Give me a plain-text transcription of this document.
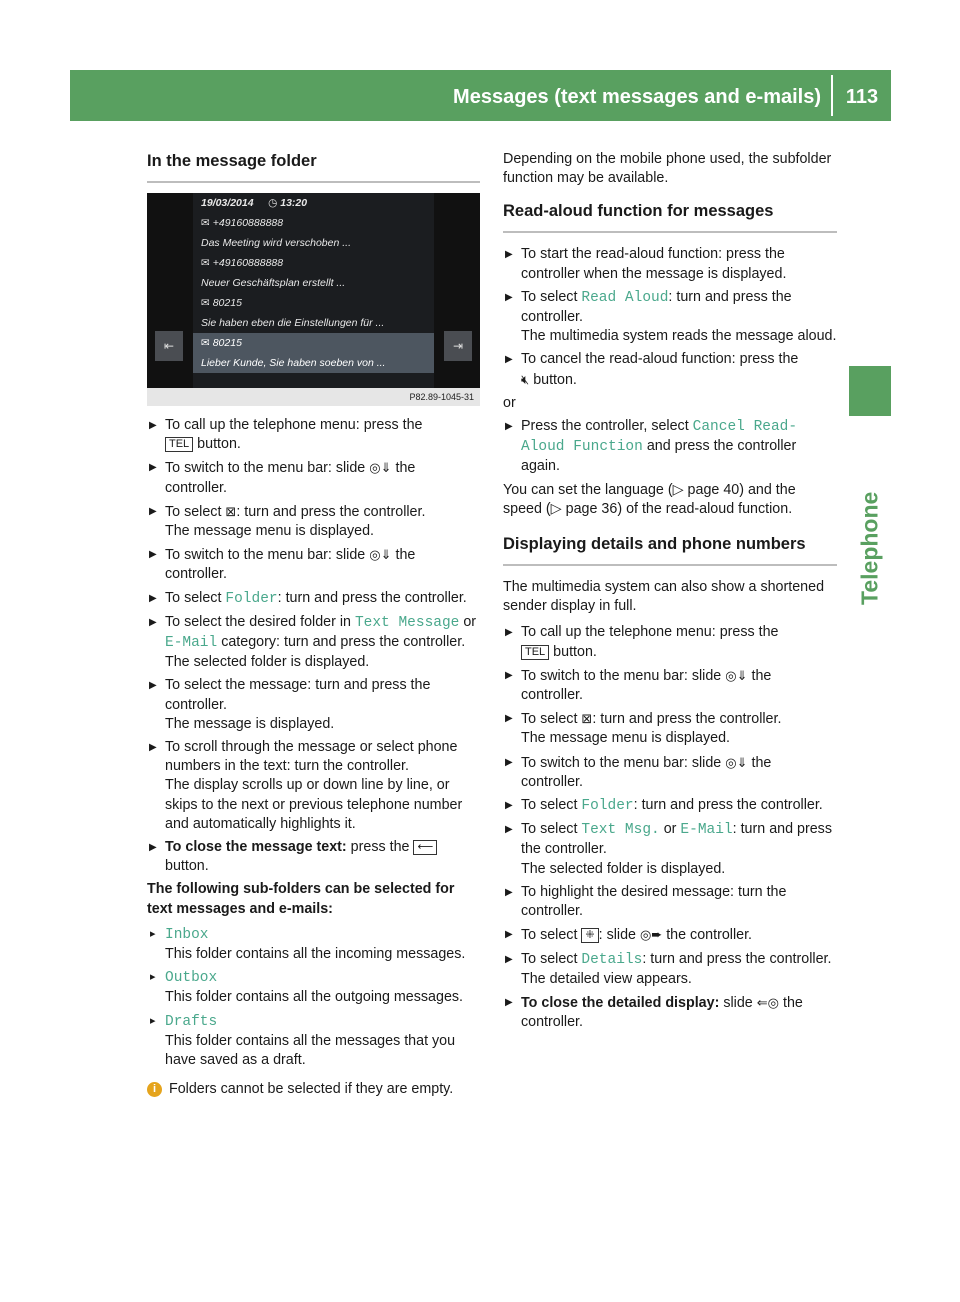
Messages (text messages and e-mails)	113
Telephone
In the message folder
19/03/2014 ◷ 13:20
✉ +49160888888
Das Meeting wird verschoben ...
✉ +49160888888
Neuer Geschäftsplan erstellt ...
✉ 80215
Sie haben eben die Einstellungen für ...
✉ 80215
Lieber Kunde, Sie haben soeben von ...
⇤	⇥
P82.89-1045-31
▶ To call up the telephone menu: press the
TEL button.
▶ To switch to the menu bar: slide ◎⇓ the controller.
▶ To select ⊠: turn and press the controller.
The message menu is displayed.
▶ To switch to the menu bar: slide ◎⇓ the controller.
▶ To select Folder: turn and press the controller.
▶ To select the desired folder in Text Message or E-Mail category: turn and press the controller.
The selected folder is displayed.
▶ To select the message: turn and press the controller.
The message is displayed.
▶ To scroll through the message or select phone numbers in the text: turn the controller.
The display scrolls up or down line by line, or skips to the next or previous telephone number and automatically highlights it.
▶ To close the message text: press the ⟵
button.

The following sub-folders can be selected for text messages and e-mails:

▸ Inbox
This folder contains all the incoming messages.
▸ Outbox
This folder contains all the outgoing messages.
▸ Drafts
This folder contains all the messages that you have saved as a draft.
i Folders cannot be selected if they are empty.

Depending on the mobile phone used, the subfolder function may be available.

Read-aloud function for messages
▶ To start the read-aloud function: press the controller when the message is displayed.
▶ To select Read Aloud: turn and press the controller.
The multimedia system reads the message aloud.
▶ To cancel the read-aloud function: press the
🔇︎ button.

or

▶ Press the controller, select Cancel Read-Aloud Function and press the controller again.

You can set the language (▷ page 40) and the speed (▷ page 36) of the read-aloud function.

Displaying details and phone numbers

The multimedia system can also show a shortened sender display in full.

▶ To call up the telephone menu: press the
TEL button.
▶ To switch to the menu bar: slide ◎⇓ the controller.
▶ To select ⊠: turn and press the controller.
The message menu is displayed.
▶ To switch to the menu bar: slide ◎⇓ the controller.
▶ To select Folder: turn and press the controller.
▶ To select Text Msg. or E-Mail: turn and press the controller.
The selected folder is displayed.
▶ To highlight the desired message: turn the controller.
▶ To select ⁜ : slide ◎➨ the controller.
▶ To select Details: turn and press the controller.
The detailed view appears.
▶ To close the detailed display: slide ⇐◎ the controller.
